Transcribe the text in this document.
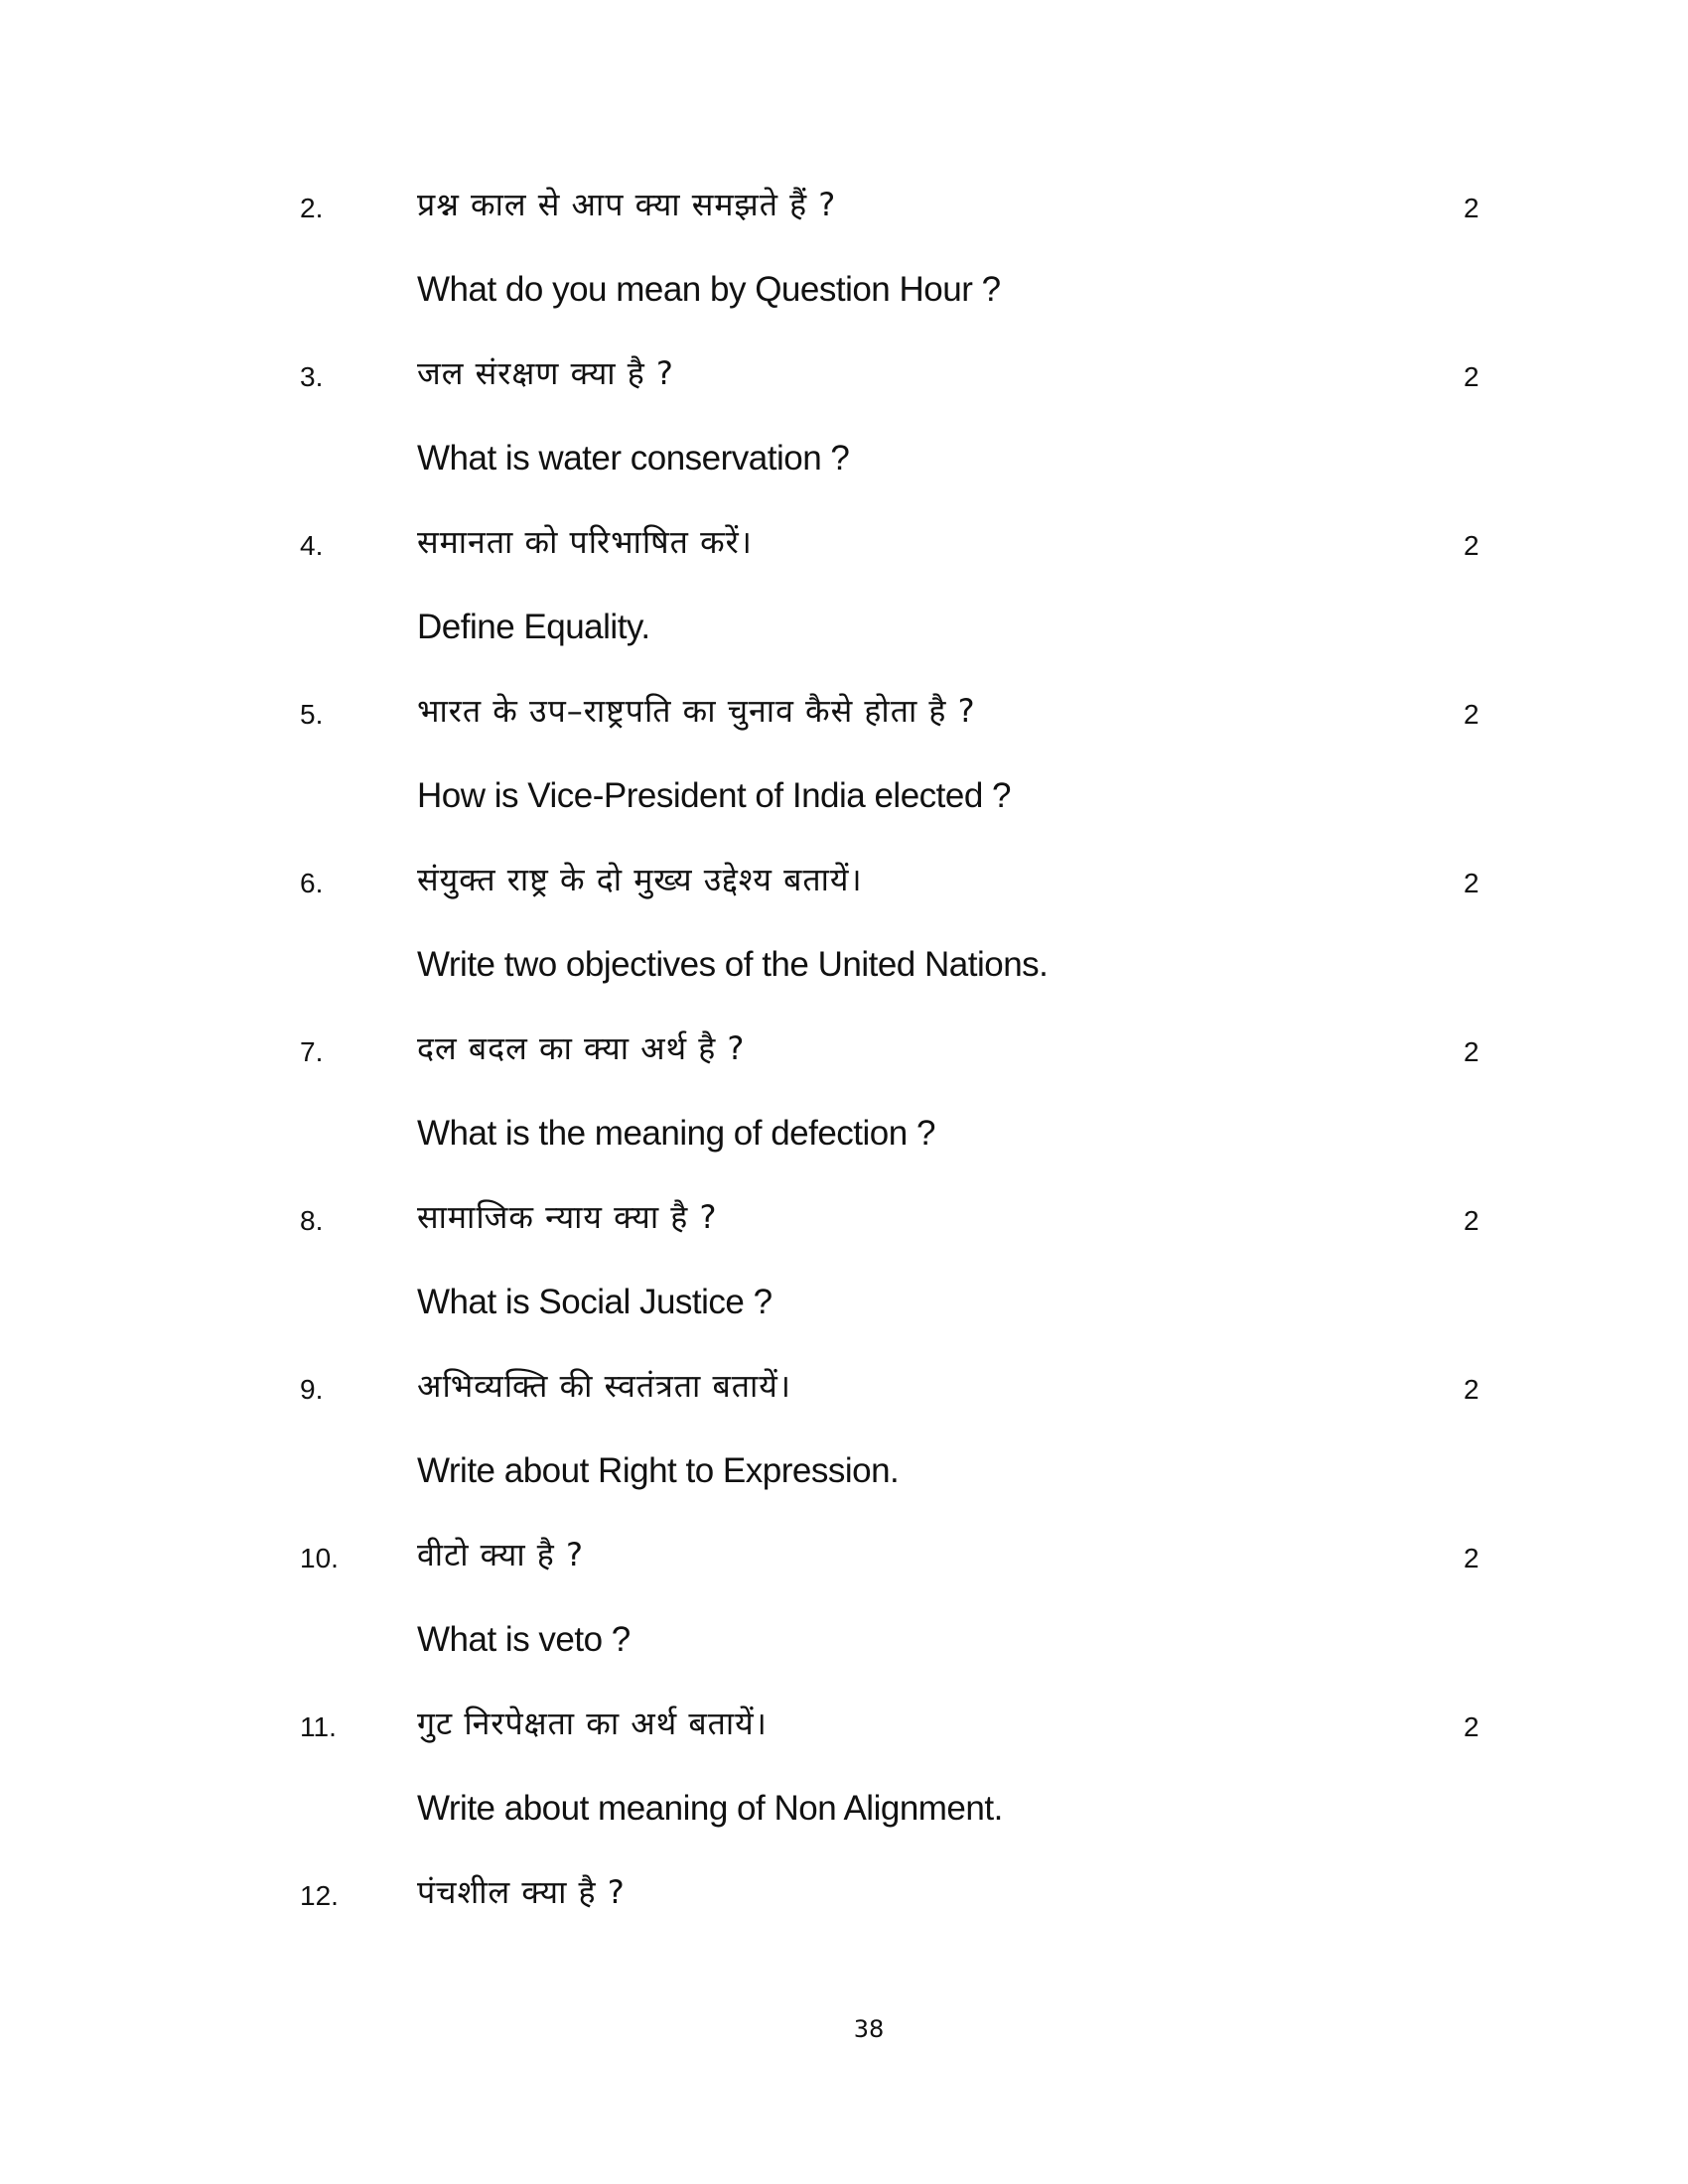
2.	प्रश्न काल से आप क्या समझते हैं ?	2
What do you mean by Question Hour ?
3.	जल संरक्षण क्या है ?	2
What is water conservation ?
4.	समानता को परिभाषित करें।	2
Define Equality.
5.	भारत के उप–राष्ट्रपति का चुनाव कैसे होता है ?	2
How is Vice-President of India elected ?
6.	संयुक्त राष्ट्र के दो मुख्य उद्देश्य बतायें।	2
Write two objectives of the United Nations.
7.	दल बदल का क्या अर्थ है ?	2
What is the meaning of defection ?
8.	सामाजिक न्याय क्या है ?	2
What is Social Justice ?
9.	अभिव्यक्ति की स्वतंत्रता बतायें।	2
Write about Right to Expression.
10. वीटो क्या है ?	2
What is veto ?
11.	गुट निरपेक्षता का अर्थ बतायें।	2
Write about meaning of Non Alignment.
12. पंचशील क्या है ?
38
